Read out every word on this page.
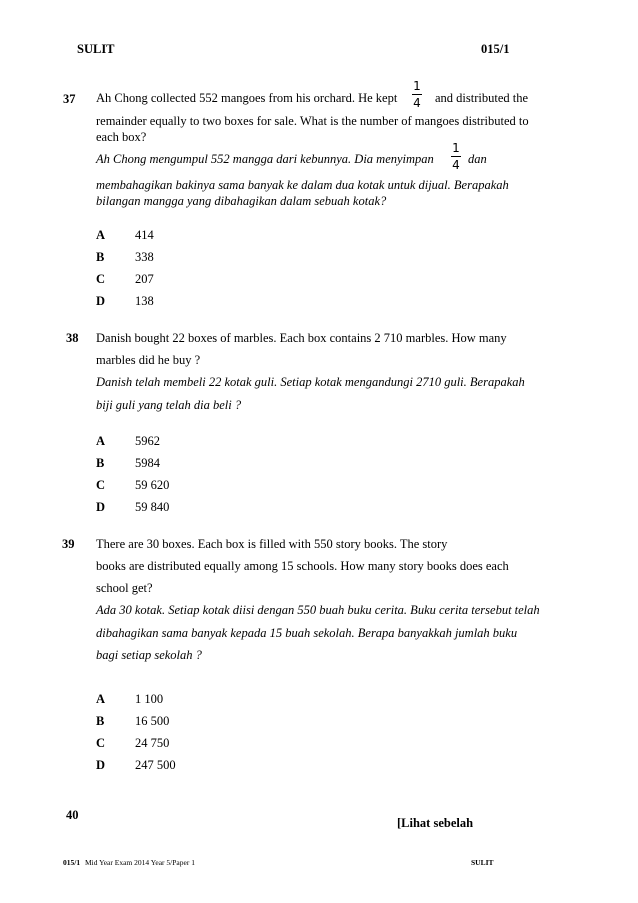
SULIT	015/1
37 Ah Chong collected 552 mangoes from his orchard. He kept
1
4 and distributed the
remainder equally to two boxes for sale. What is the number of mangoes distributed to
each box?
Ah Chong mengumpul 552 mangga dari kebunnya. Dia menyimpan
1
4 dan
membahagikan bakinya sama banyak ke dalam dua kotak untuk dijual. Berapakah
bilangan mangga yang dibahagikan dalam sebuah kotak?
A 414
B 338
C 207
D 138
38 Danish bought 22 boxes of marbles. Each box contains 2 710 marbles. How many
marbles did he buy ?
Danish telah membeli 22 kotak guli. Setiap kotak mengandungi 2710 guli. Berapakah
biji guli yang telah dia beli ?
A 5962
B 5984
C 59 620
D 59 840
39 There are 30 boxes. Each box is filled with 550 story books. The story
books are distributed equally among 15 schools. How many story books does each
school get?
Ada 30 kotak. Setiap kotak diisi dengan 550 buah buku cerita. Buku cerita tersebut telah
dibahagikan sama banyak kepada 15 buah sekolah. Berapa banyakkah jumlah buku
bagi setiap sekolah ?
A 1 100
B 16 500
C 24 750
D 247 500
40
[Lihat sebelah
015/1 Mid Year Exam 2014 Year 5/Paper 1	SULIT
